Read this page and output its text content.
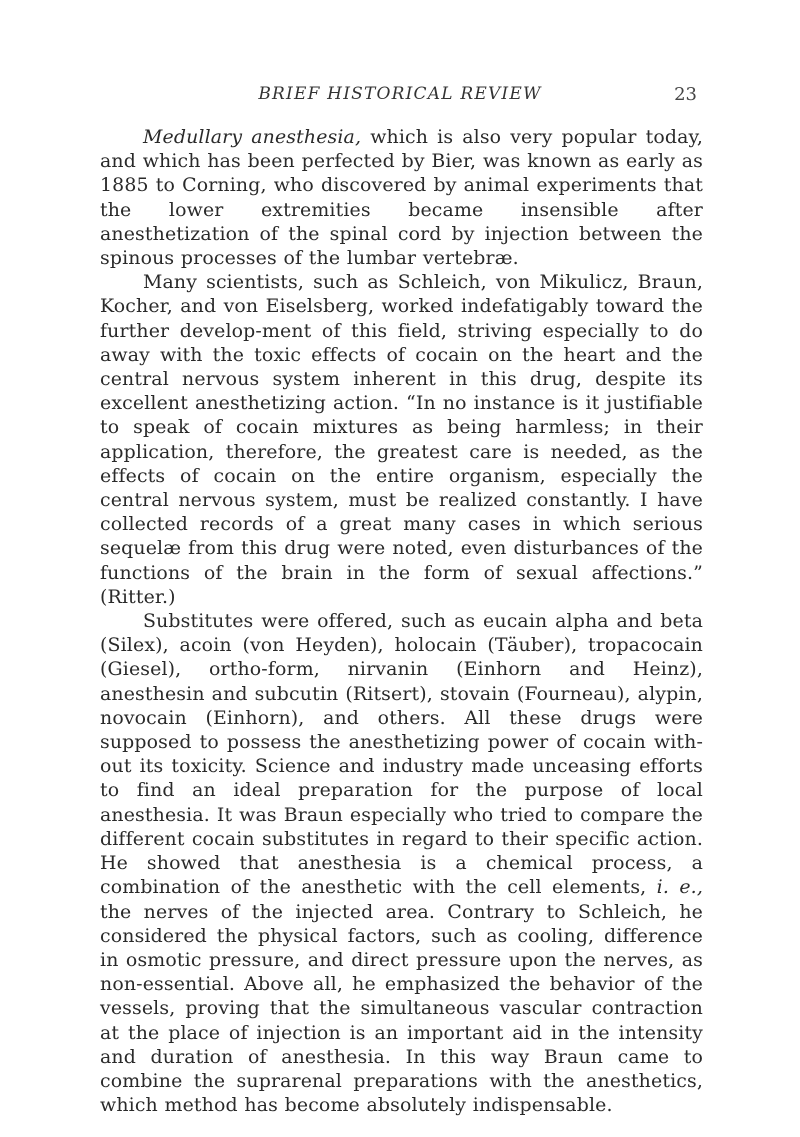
BRIEF HISTORICAL REVIEW	23

Medullary anesthesia, which is also very popular today, and which has been perfected by Bier, was known as early as 1885 to Corning, who discovered by animal experiments that the lower extremities became insensible after anesthetization of the spinal cord by injection between the spinous processes of the lumbar vertebræ.

Many scientists, such as Schleich, von Mikulicz, Braun, Kocher, and von Eiselsberg, worked indefatigably toward the further develop-ment of this field, striving especially to do away with the toxic effects of cocain on the heart and the central nervous system inherent in this drug, despite its excellent anesthetizing action. “In no instance is it justifiable to speak of cocain mixtures as being harmless; in their application, therefore, the greatest care is needed, as the effects of cocain on the entire organism, especially the central nervous system, must be realized constantly. I have collected records of a great many cases in which serious sequelæ from this drug were noted, even disturbances of the functions of the brain in the form of sexual affections.” (Ritter.)

Substitutes were offered, such as eucain alpha and beta (Silex), acoin (von Heyden), holocain (Täuber), tropacocain (Giesel), ortho-form, nirvanin (Einhorn and Heinz), anesthesin and subcutin (Ritsert), stovain (Fourneau), alypin, novocain (Einhorn), and others. All these drugs were supposed to possess the anesthetizing power of cocain with-out its toxicity. Science and industry made unceasing efforts to find an ideal preparation for the purpose of local anesthesia. It was Braun especially who tried to compare the different cocain substitutes in regard to their specific action. He showed that anesthesia is a chemical process, a combination of the anesthetic with the cell elements, i. e., the nerves of the injected area. Contrary to Schleich, he considered the physical factors, such as cooling, difference in osmotic pressure, and direct pressure upon the nerves, as non-essential. Above all, he emphasized the behavior of the vessels, proving that the simultaneous vascular contraction at the place of injection is an important aid in the intensity and duration of anesthesia. In this way Braun came to combine the suprarenal preparations with the anesthetics, which method has become absolutely indispensable.
